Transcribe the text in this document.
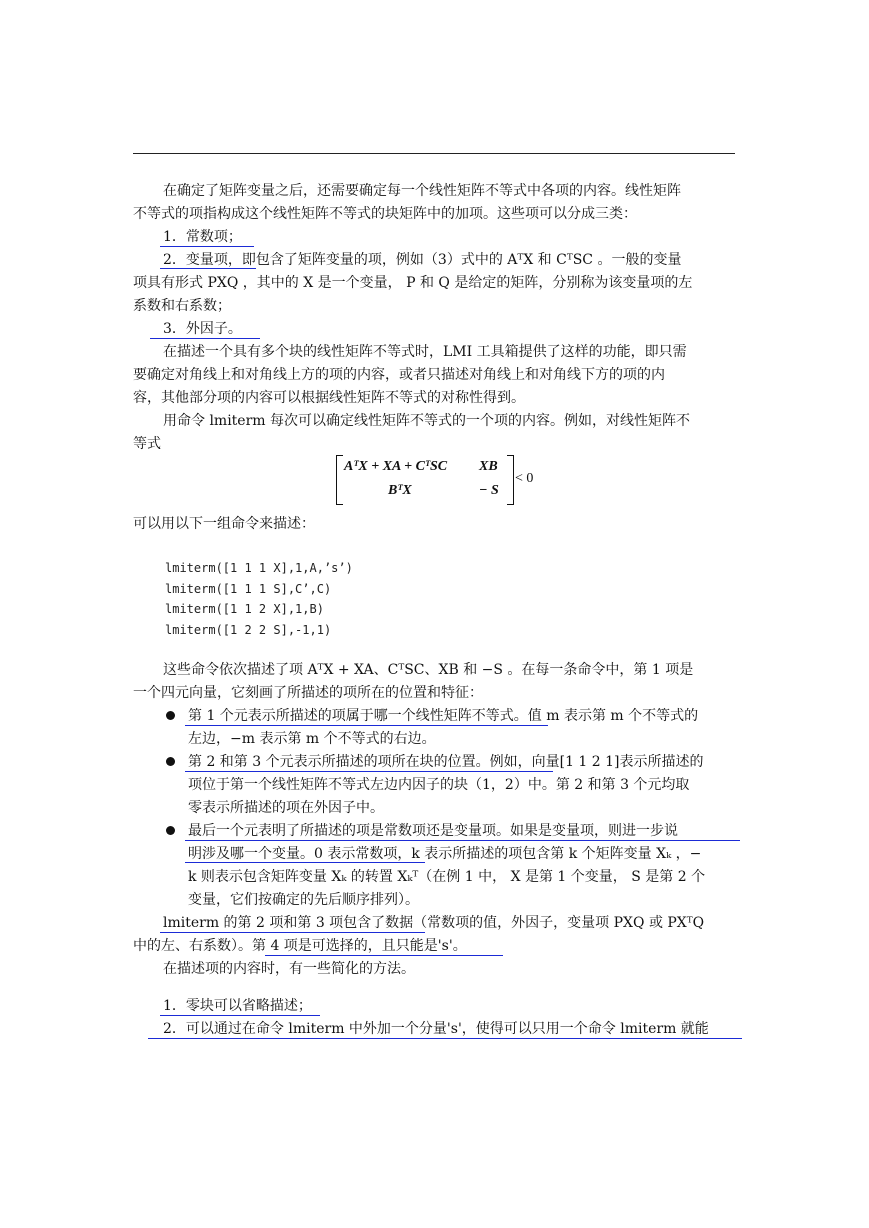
在确定了矩阵变量之后，还需要确定每一个线性矩阵不等式中各项的内容。线性矩阵
不等式的项指构成这个线性矩阵不等式的块矩阵中的加项。这些项可以分成三类：
1．常数项；
2．变量项，即包含了矩阵变量的项，例如（3）式中的 AᵀX 和 CᵀSC 。一般的变量
项具有形式 PXQ ，其中的 X 是一个变量， P 和 Q 是给定的矩阵，分别称为该变量项的左
系数和右系数；
3．外因子。
在描述一个具有多个块的线性矩阵不等式时，LMI 工具箱提供了这样的功能，即只需
要确定对角线上和对角线上方的项的内容，或者只描述对角线上和对角线下方的项的内
容，其他部分项的内容可以根据线性矩阵不等式的对称性得到。
用命令 lmiterm 每次可以确定线性矩阵不等式的一个项的内容。例如，对线性矩阵不
等式
AᵀX + XA + CᵀSC XB
BᵀX	− S
< 0
可以用以下一组命令来描述：
lmiterm([1 1 1 X],1,A,’s’)
lmiterm([1 1 1 S],C’,C)
lmiterm([1 1 2 X],1,B)
lmiterm([1 2 2 S],-1,1)
这些命令依次描述了项 AᵀX + XA、CᵀSC、XB 和 −S 。在每一条命令中，第 1 项是
一个四元向量，它刻画了所描述的项所在的位置和特征：
第 1 个元表示所描述的项属于哪一个线性矩阵不等式。值 m 表示第 m 个不等式的
左边，−m 表示第 m 个不等式的右边。
第 2 和第 3 个元表示所描述的项所在块的位置。例如，向量[1 1 2 1]表示所描述的
项位于第一个线性矩阵不等式左边内因子的块（1，2）中。第 2 和第 3 个元均取
零表示所描述的项在外因子中。
最后一个元表明了所描述的项是常数项还是变量项。如果是变量项，则进一步说
明涉及哪一个变量。0 表示常数项，k 表示所描述的项包含第 k 个矩阵变量 Xₖ ，−
k 则表示包含矩阵变量 Xₖ 的转置 Xₖᵀ（在例 1 中， X 是第 1 个变量， S 是第 2 个
变量，它们按确定的先后顺序排列）。
lmiterm 的第 2 项和第 3 项包含了数据（常数项的值，外因子，变量项 PXQ 或 PXᵀQ
中的左、右系数）。第 4 项是可选择的，且只能是's'。
在描述项的内容时，有一些简化的方法。
1．零块可以省略描述；
2．可以通过在命令 lmiterm 中外加一个分量's'，使得可以只用一个命令 lmiterm 就能
